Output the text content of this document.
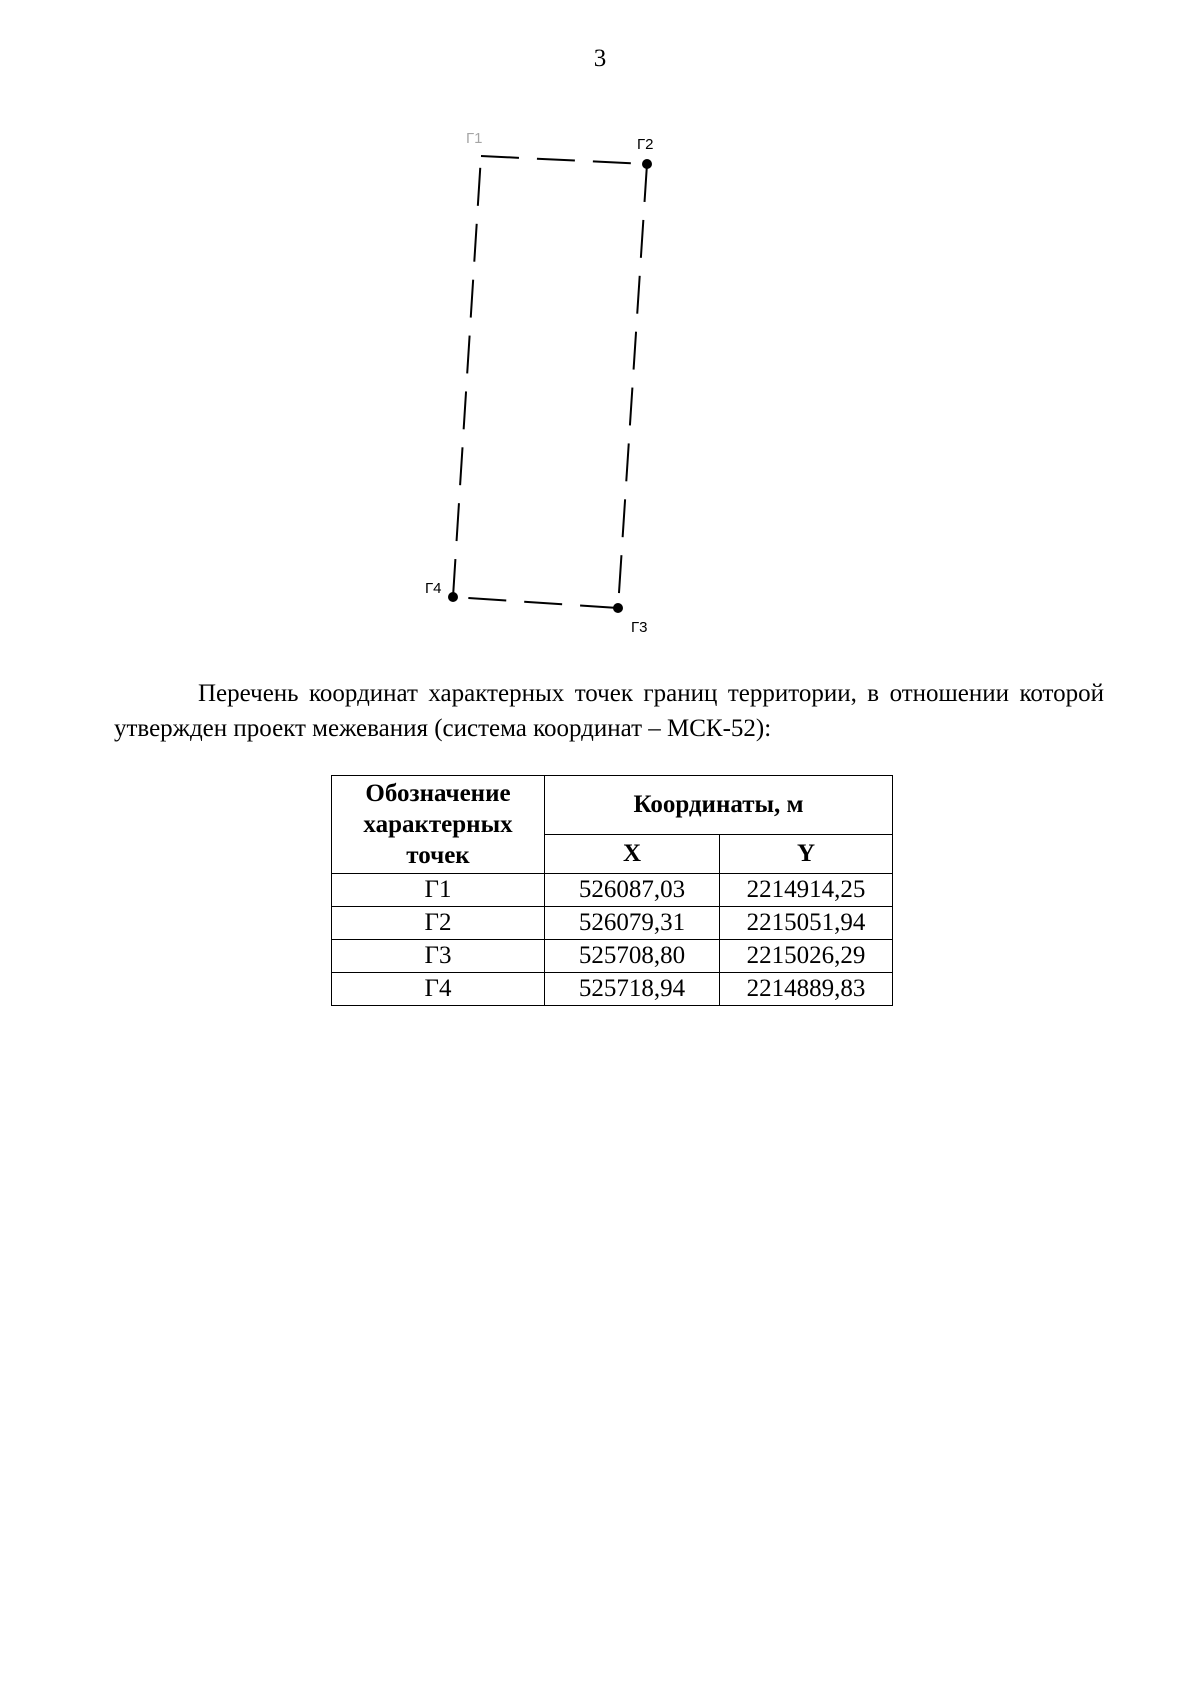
3
Г1	Г2
Г3
Г4

Перечень координат характерных точек границ территории, в отношении которой утвержден проект межевания (система координат – МСК-52):

Обозначение характерных точек	Координаты, м	
	X	Y
Г1	526087,03	2214914,25
Г2	526079,31	2215051,94
Г3	525708,80	2215026,29
Г4	525718,94	2214889,83
